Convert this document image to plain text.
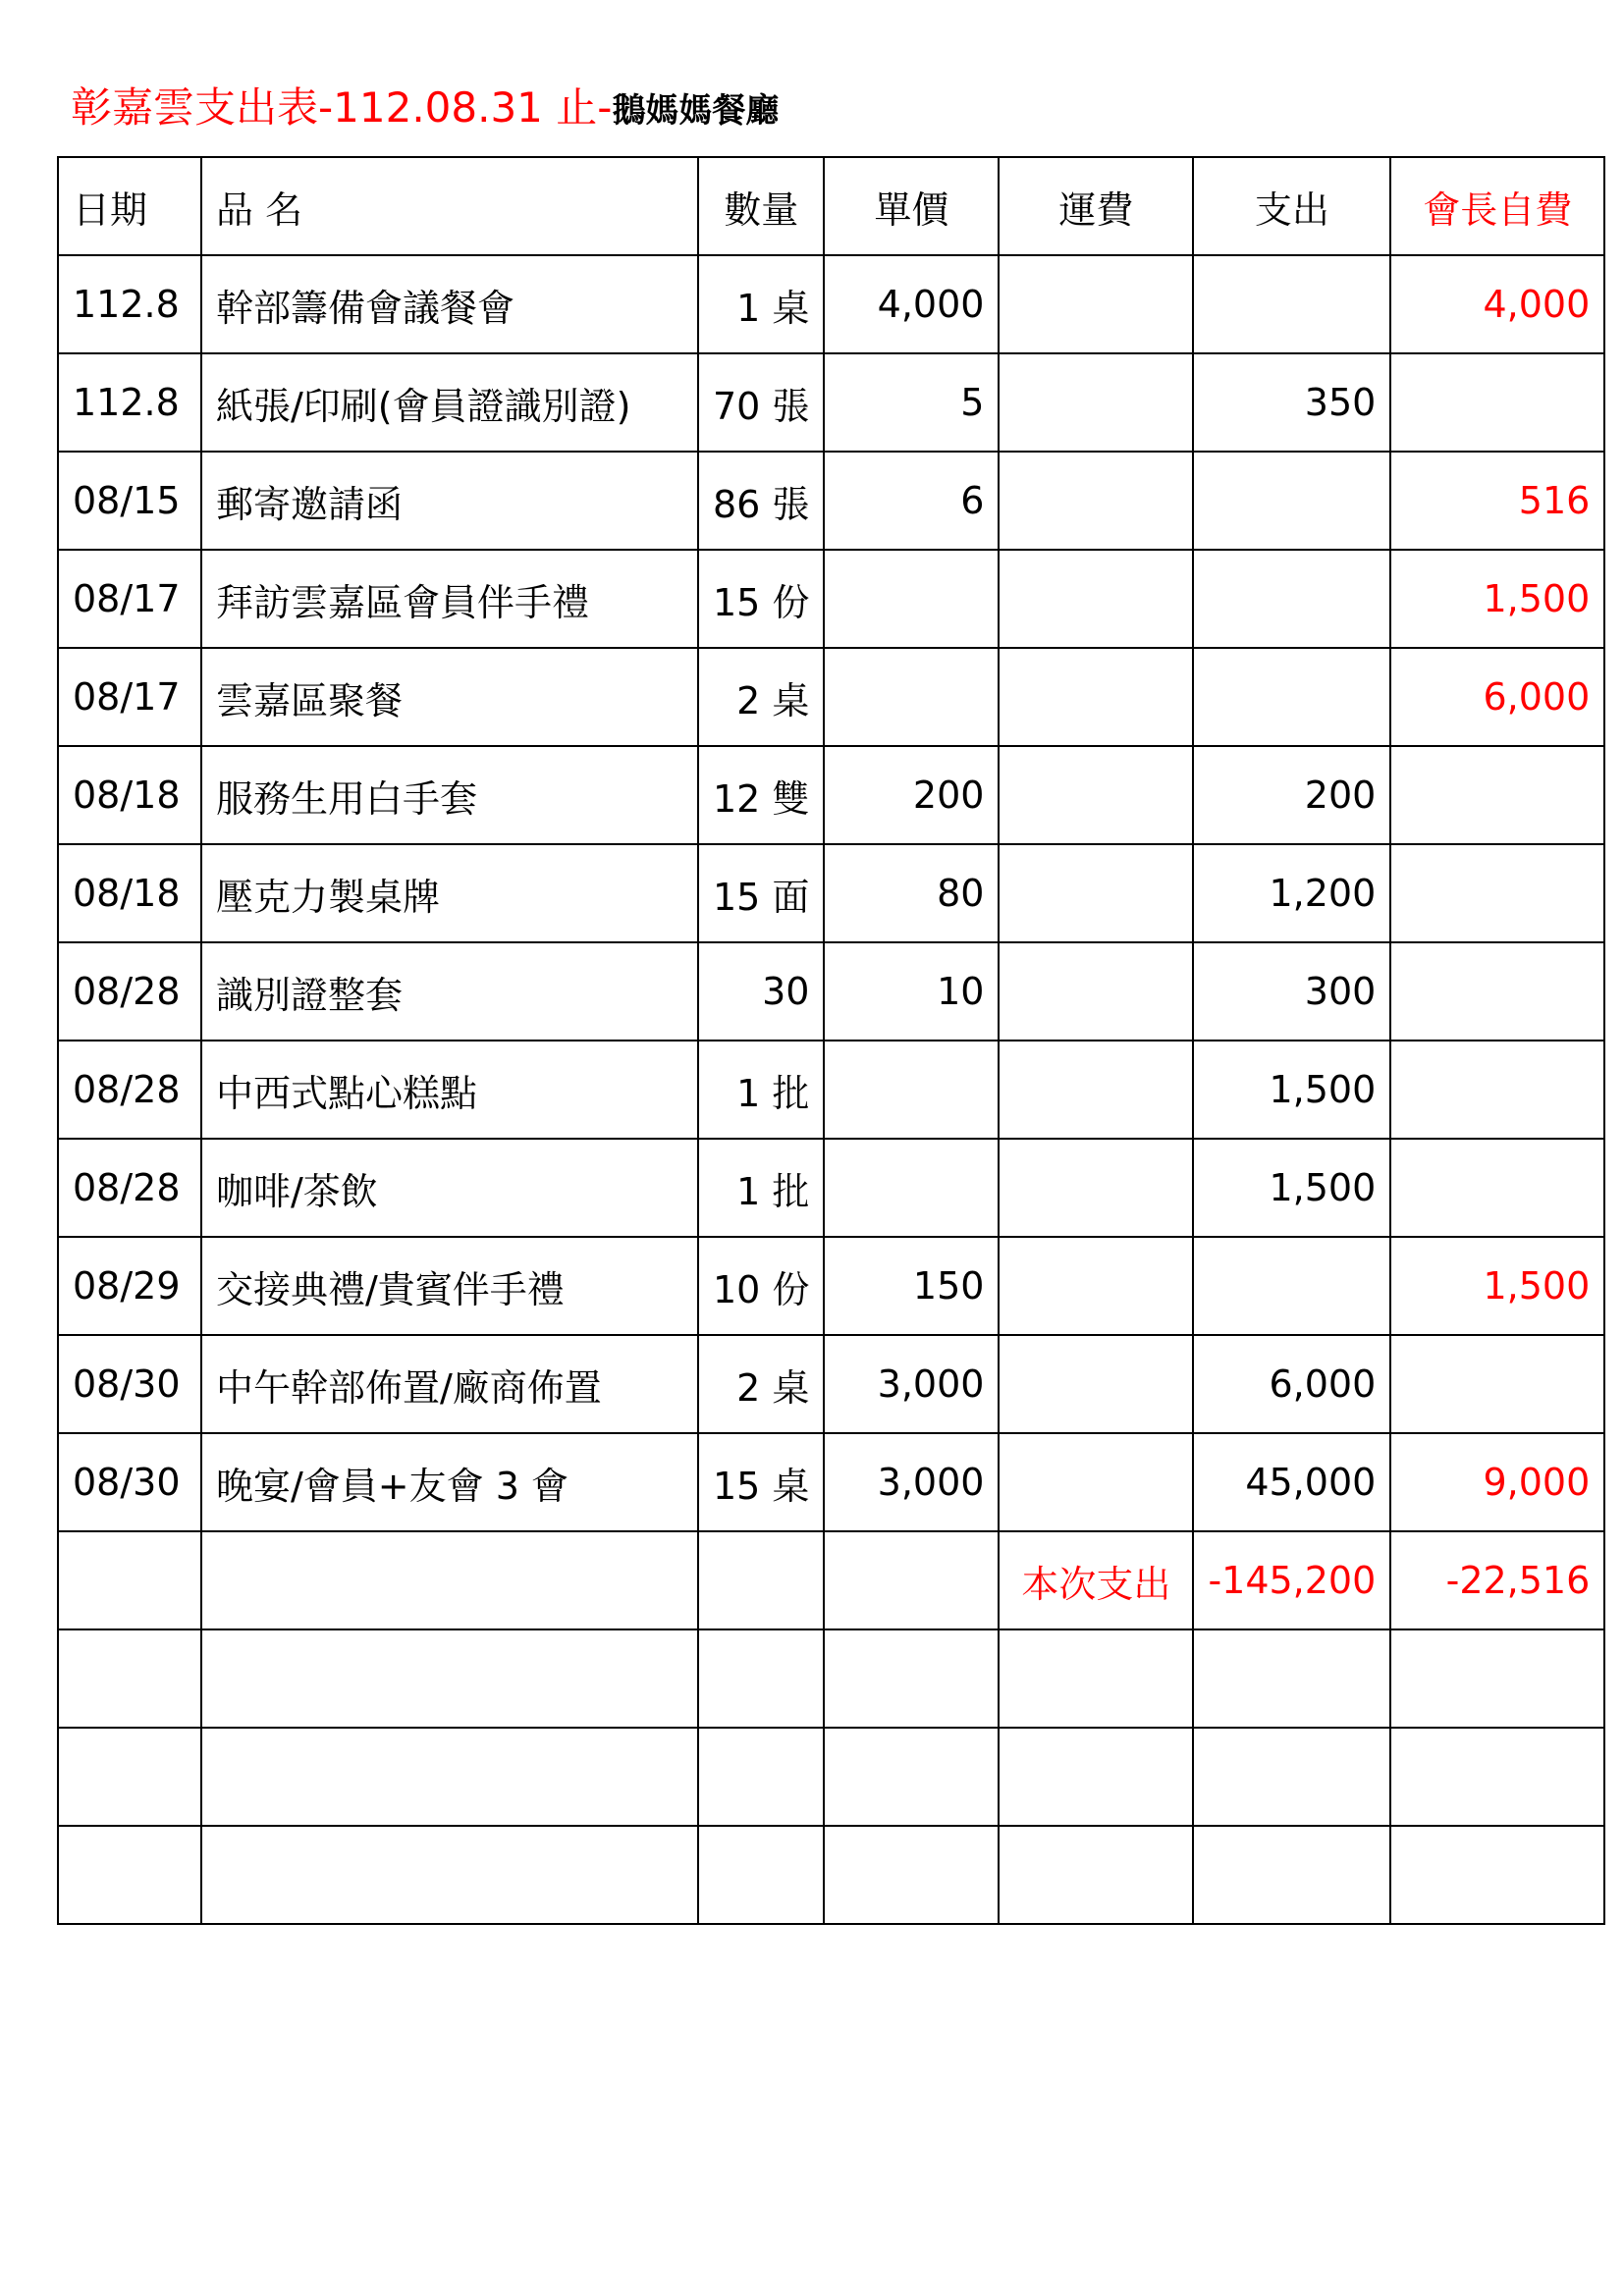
彰嘉雲支出表-112.08.31 止-鵝媽媽餐廳
日期	品 名	數量	單價	運費	支出	會長自費
112.8	幹部籌備會議餐會	1 桌	4,000			4,000
112.8	紙張/印刷(會員證識別證)	70 張	5		350	
08/15	郵寄邀請函	86 張	6			516
08/17	拜訪雲嘉區會員伴手禮	15 份				1,500
08/17	雲嘉區聚餐	2 桌				6,000
08/18	服務生用白手套	12 雙	200		200	
08/18	壓克力製桌牌	15 面	80		1,200	
08/28	識別證整套	30	10		300	
08/28	中西式點心糕點	1 批			1,500	
08/28	咖啡/茶飲	1 批			1,500	
08/29	交接典禮/貴賓伴手禮	10 份	150			1,500
08/30	中午幹部佈置/廠商佈置	2 桌	3,000		6,000	
08/30	晚宴/會員+友會 3 會	15 桌	3,000		45,000	9,000
				本次支出	-145,200	-22,516
